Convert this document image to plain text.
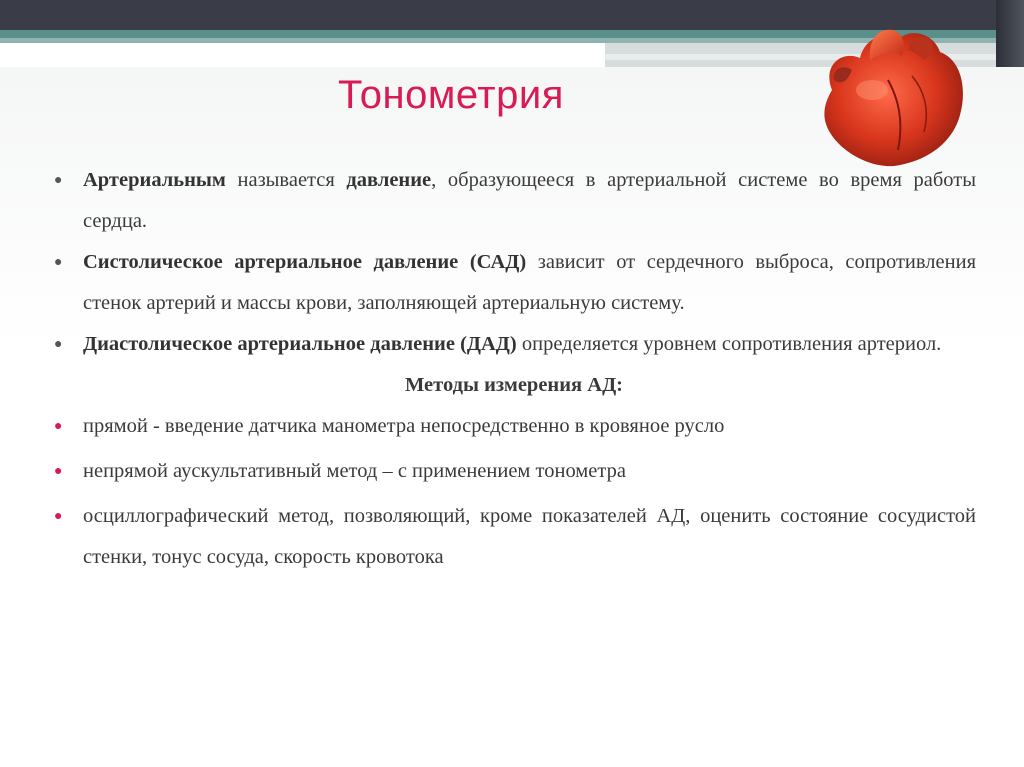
Тонометрия
● Артериальным называется давление, образующееся в артериальной системе во время работы сердца.
● Систолическое артериальное давление (САД) зависит от сердечного выброса, сопротивления стенок артерий и массы крови, заполняющей артериальную систему.
● Диастолическое артериальное давление (ДАД) определяется уровнем сопротивления артериол.
Методы измерения АД:
● прямой - введение датчика манометра непосредственно в кровяное русло
● непрямой аускультативный метод – с применением тонометра
● осциллографический метод, позволяющий, кроме показателей АД, оценить состояние сосудистой стенки, тонус сосуда, скорость кровотока
